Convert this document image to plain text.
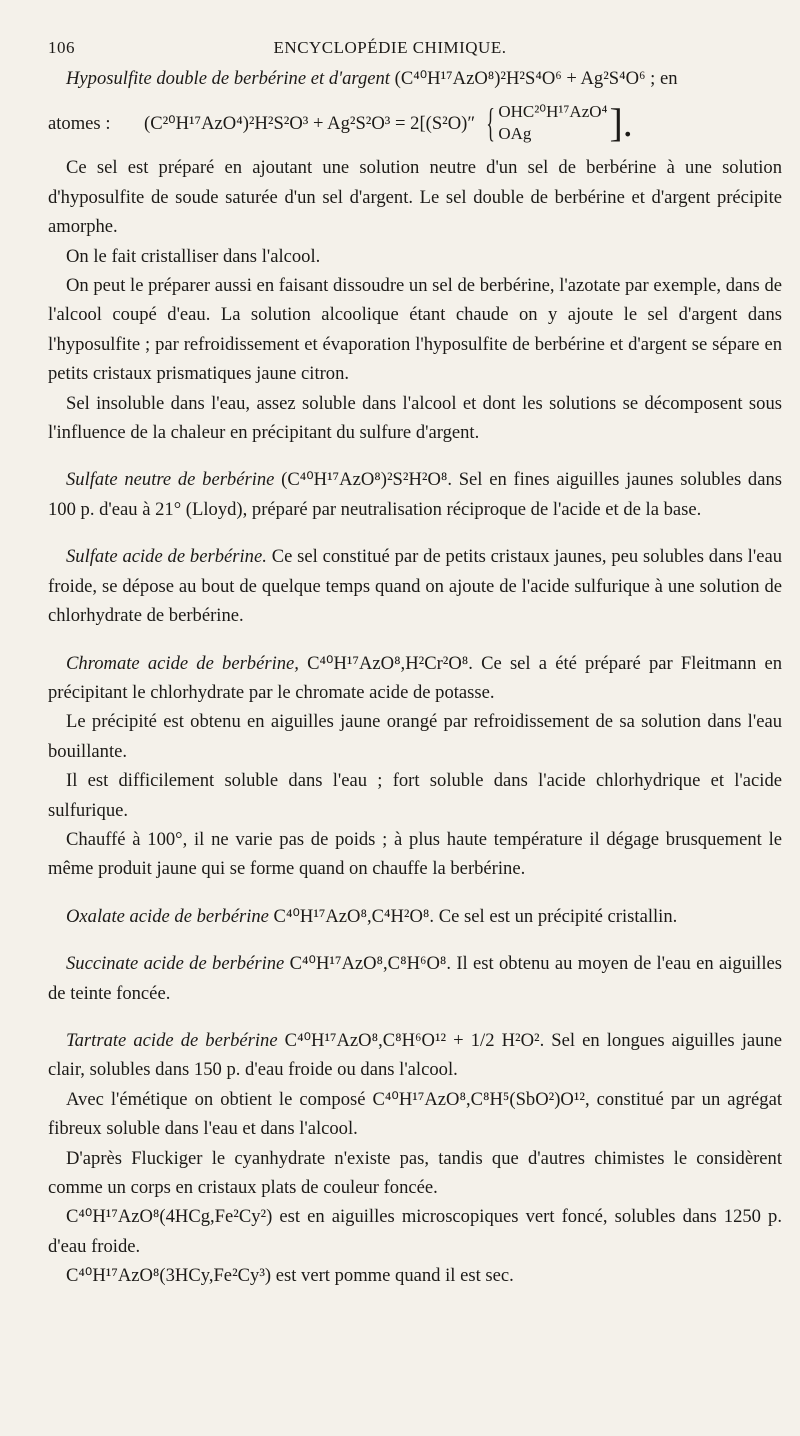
106	ENCYCLOPÉDIE CHIMIQUE.

Hyposulfite double de berbérine et d'argent (C⁴⁰H¹⁷AzO⁸)²H²S⁴O⁶ + Ag²S⁴O⁶ ; en

atomes :	(C²⁰H¹⁷AzO⁴)²H²S²O³ + Ag²S²O³ = 2[(S²O)″ { OHC²⁰H¹⁷AzO⁴
OAg	].

Ce sel est préparé en ajoutant une solution neutre d'un sel de berbérine à une solution d'hyposulfite de soude saturée d'un sel d'argent. Le sel double de berbérine et d'argent précipite amorphe.

On le fait cristalliser dans l'alcool.

On peut le préparer aussi en faisant dissoudre un sel de berbérine, l'azotate par exemple, dans de l'alcool coupé d'eau. La solution alcoolique étant chaude on y ajoute le sel d'argent dans l'hyposulfite ; par refroidissement et évaporation l'hyposulfite de berbérine et d'argent se sépare en petits cristaux prismatiques jaune citron.

Sel insoluble dans l'eau, assez soluble dans l'alcool et dont les solutions se décomposent sous l'influence de la chaleur en précipitant du sulfure d'argent.

Sulfate neutre de berbérine (C⁴⁰H¹⁷AzO⁸)²S²H²O⁸. Sel en fines aiguilles jaunes solubles dans 100 p. d'eau à 21° (Lloyd), préparé par neutralisation réciproque de l'acide et de la base.

Sulfate acide de berbérine. Ce sel constitué par de petits cristaux jaunes, peu solubles dans l'eau froide, se dépose au bout de quelque temps quand on ajoute de l'acide sulfurique à une solution de chlorhydrate de berbérine.

Chromate acide de berbérine, C⁴⁰H¹⁷AzO⁸,H²Cr²O⁸. Ce sel a été préparé par Fleitmann en précipitant le chlorhydrate par le chromate acide de potasse.

Le précipité est obtenu en aiguilles jaune orangé par refroidissement de sa solution dans l'eau bouillante.

Il est difficilement soluble dans l'eau ; fort soluble dans l'acide chlorhydrique et l'acide sulfurique.

Chauffé à 100°, il ne varie pas de poids ; à plus haute température il dégage brusquement le même produit jaune qui se forme quand on chauffe la berbérine.

Oxalate acide de berbérine C⁴⁰H¹⁷AzO⁸,C⁴H²O⁸. Ce sel est un précipité cristallin.

Succinate acide de berbérine C⁴⁰H¹⁷AzO⁸,C⁸H⁶O⁸. Il est obtenu au moyen de l'eau en aiguilles de teinte foncée.

Tartrate acide de berbérine C⁴⁰H¹⁷AzO⁸,C⁸H⁶O¹² + 1/2 H²O². Sel en longues aiguilles jaune clair, solubles dans 150 p. d'eau froide ou dans l'alcool.

Avec l'émétique on obtient le composé C⁴⁰H¹⁷AzO⁸,C⁸H⁵(SbO²)O¹², constitué par un agrégat fibreux soluble dans l'eau et dans l'alcool.

D'après Fluckiger le cyanhydrate n'existe pas, tandis que d'autres chimistes le considèrent comme un corps en cristaux plats de couleur foncée.

C⁴⁰H¹⁷AzO⁸(4HCg,Fe²Cy²) est en aiguilles microscopiques vert foncé, solubles dans 1250 p. d'eau froide.

C⁴⁰H¹⁷AzO⁸(3HCy,Fe²Cy³) est vert pomme quand il est sec.
